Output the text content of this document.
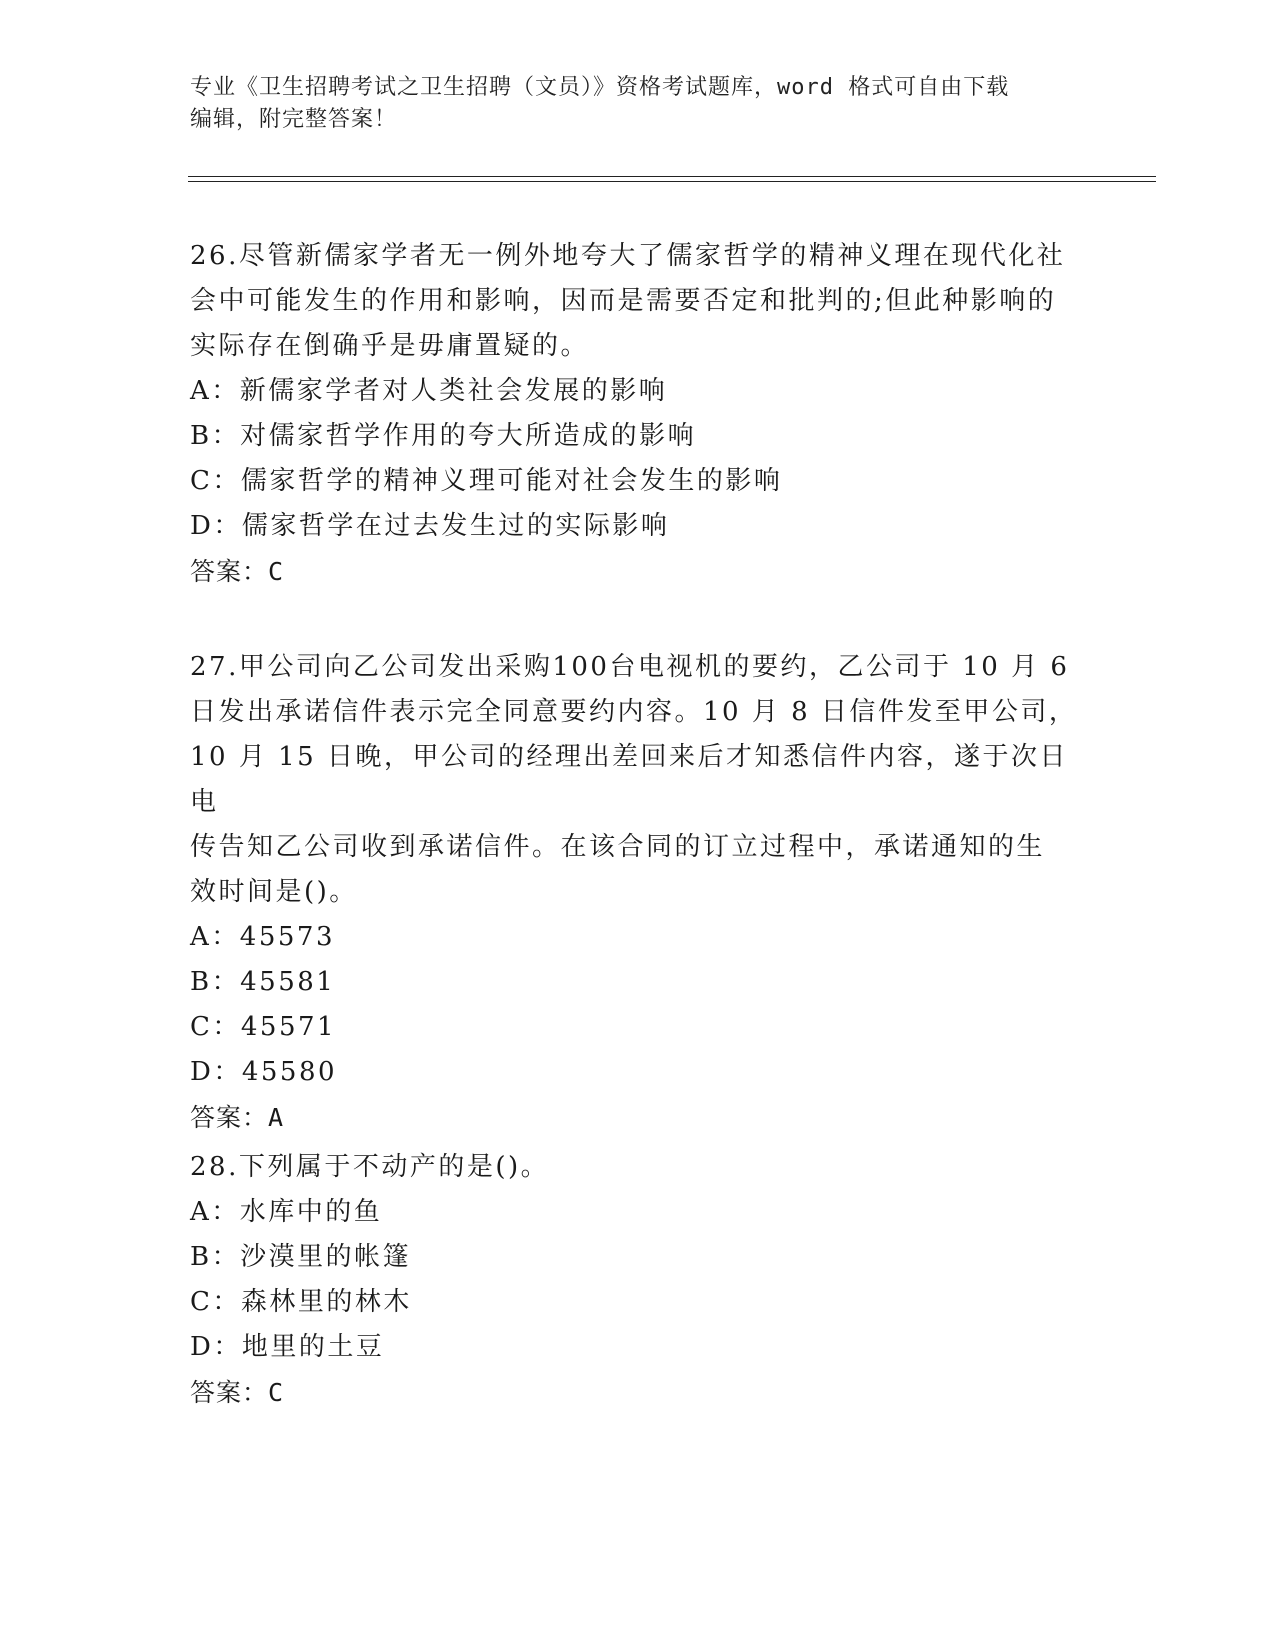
专业《卫生招聘考试之卫生招聘（文员）》资格考试题库，word 格式可自由下载
编辑，附完整答案！

26.尽管新儒家学者无一例外地夸大了儒家哲学的精神义理在现代化社

会中可能发生的作用和影响，因而是需要否定和批判的;但此种影响的

实际存在倒确乎是毋庸置疑的。

A：新儒家学者对人类社会发展的影响

B：对儒家哲学作用的夸大所造成的影响

C：儒家哲学的精神义理可能对社会发生的影响

D：儒家哲学在过去发生过的实际影响

答案：C

27.甲公司向乙公司发出采购100台电视机的要约，乙公司于 10 月 6

日发出承诺信件表示完全同意要约内容。10 月 8 日信件发至甲公司，

10 月 15 日晚，甲公司的经理出差回来后才知悉信件内容，遂于次日电

传告知乙公司收到承诺信件。在该合同的订立过程中，承诺通知的生

效时间是()。

A：45573

B：45581

C：45571

D：45580

答案：A

28.下列属于不动产的是()。

A：水库中的鱼

B：沙漠里的帐篷

C：森林里的林木

D：地里的土豆

答案：C
